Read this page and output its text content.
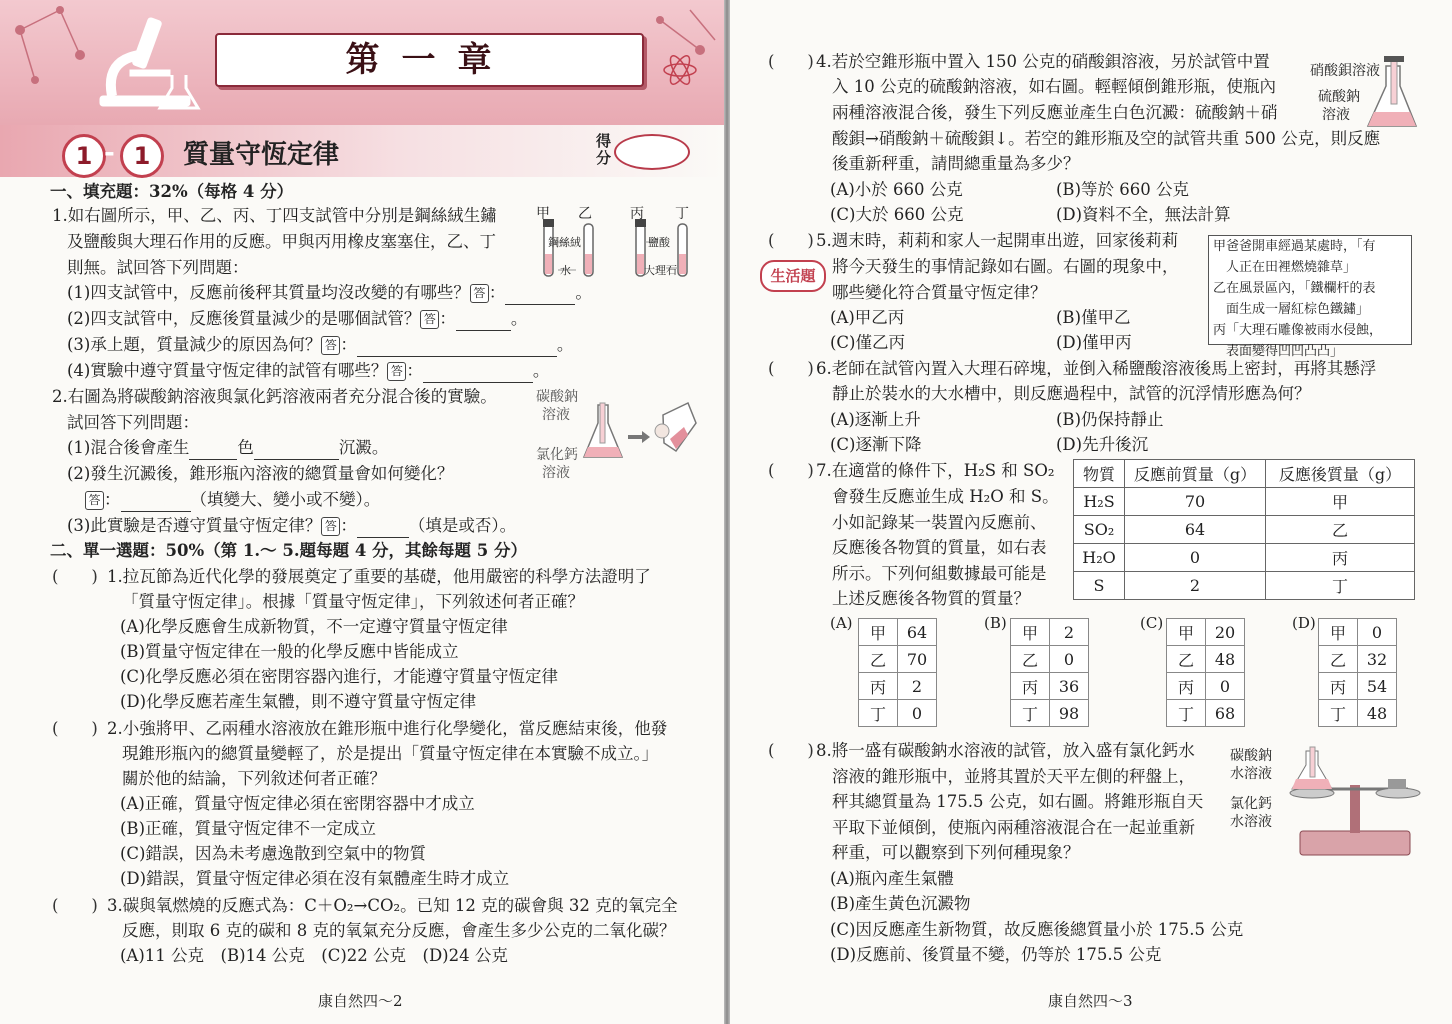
第一章
1 - 1	質量守恆定律	得分
一、填充題：32%（每格 4 分）
1.如右圖所示，甲、乙、丙、丁四支試管中分別是鋼絲絨生鏽
及鹽酸與大理石作用的反應。甲與丙用橡皮塞塞住，乙、丁
則無。試回答下列問題：
甲 乙	丙 丁
鋼絲絨	鹽酸
水	大理石
(1)四支試管中，反應前後秤其質量均沒改變的有哪些？ 答 ：	。
(2)四支試管中，反應後質量減少的是哪個試管？ 答 ：	。
(3)承上題，質量減少的原因為何？ 答 ：	。
(4)實驗中遵守質量守恆定律的試管有哪些？ 答 ：	。
2.右圖為將碳酸鈉溶液與氯化鈣溶液兩者充分混合後的實驗。
試回答下列問題：
(1)混合後會產生	色	沉澱。
(2)發生沉澱後，錐形瓶內溶液的總質量會如何變化？
答 ：	（填變大、變小或不變）。
(3)此實驗是否遵守質量守恆定律？ 答 ：	（填是或否）。
碳酸鈉
溶液
氯化鈣
溶液
二、單一選題：50%（第 1.～ 5.題每題 4 分，其餘每題 5 分）
(　　) 1.拉瓦節為近代化學的發展奠定了重要的基礎，他用嚴密的科學方法證明了
「質量守恆定律」。根據「質量守恆定律」，下列敘述何者正確？
(A)化學反應會生成新物質，不一定遵守質量守恆定律
(B)質量守恆定律在一般的化學反應中皆能成立
(C)化學反應必須在密閉容器內進行，才能遵守質量守恆定律
(D)化學反應若產生氣體，則不遵守質量守恆定律
(　　) 2.小強將甲、乙兩種水溶液放在錐形瓶中進行化學變化，當反應結束後，他發
現錐形瓶內的總質量變輕了，於是提出「質量守恆定律在本實驗不成立。」
關於他的結論，下列敘述何者正確？
(A)正確，質量守恆定律必須在密閉容器中才成立
(B)正確，質量守恆定律不一定成立
(C)錯誤，因為未考慮逸散到空氣中的物質
(D)錯誤，質量守恆定律必須在沒有氣體產生時才成立
(　　) 3.碳與氧燃燒的反應式為：C＋O₂→CO₂。已知 12 克的碳會與 32 克的氧完全
反應，則取 6 克的碳和 8 克的氧氣充分反應，會產生多少公克的二氧化碳？
(A)11 公克　(B)14 公克　(C)22 公克　(D)24 公克
康自然四～2
(　　) 4.若於空錐形瓶中置入 150 公克的硝酸鋇溶液，另於試管中置
入 10 公克的硫酸鈉溶液，如右圖。輕輕傾倒錐形瓶，使瓶內
兩種溶液混合後，發生下列反應並產生白色沉澱：硫酸鈉＋硝
酸鋇→硝酸鈉＋硫酸鋇↓。若空的錐形瓶及空的試管共重 500 公克，則反應
後重新秤重，請問總重量為多少？
(A)小於 660 公克	(B)等於 660 公克
(C)大於 660 公克	(D)資料不全，無法計算
硝酸鋇溶液
硫酸鈉
溶液
(　　) 5.週末時，莉莉和家人一起開車出遊，回家後莉莉
將今天發生的事情記錄如右圖。右圖的現象中，
哪些變化符合質量守恆定律？
(A)甲乙丙	(B)僅甲乙
(C)僅乙丙	(D)僅甲丙
生活題
甲爸爸開車經過某處時，「有
　人正在田裡燃燒雜草」
乙在風景區內，「鐵欄杆的表
　面生成一層紅棕色鐵鏽」
丙「大理石雕像被雨水侵蝕，
　表面變得凹凹凸凸」
(　　) 6.老師在試管內置入大理石碎塊，並倒入稀鹽酸溶液後馬上密封，再將其懸浮
靜止於裝水的大水槽中，則反應過程中，試管的沉浮情形應為何？
(A)逐漸上升	(B)仍保持靜止
(C)逐漸下降	(D)先升後沉
(　　) 7.在適當的條件下，H₂S 和 SO₂
會發生反應並生成 H₂O 和 S。
小如記錄某一裝置內反應前、
反應後各物質的質量，如右表
所示。下列何組數據最可能是
上述反應後各物質的質量？
物質	反應前質量（g）	反應後質量（g）
H₂S	70	甲
SO₂	64	乙
H₂O	0	丙
S	2	丁
(A)
甲	64
乙	70
丙	2
丁	0
(B)
甲	2
乙	0
丙	36
丁	98
(C)
甲	20
乙	48
丙	0
丁	68
(D)
甲	0
乙	32
丙	54
丁	48
(　　) 8.將一盛有碳酸鈉水溶液的試管，放入盛有氯化鈣水
溶液的錐形瓶中，並將其置於天平左側的秤盤上，
秤其總質量為 175.5 公克，如右圖。將錐形瓶自天
平取下並傾倒，使瓶內兩種溶液混合在一起並重新
秤重，可以觀察到下列何種現象？
(A)瓶內產生氣體
(B)產生黃色沉澱物
(C)因反應產生新物質，故反應後總質量小於 175.5 公克
(D)反應前、後質量不變，仍等於 175.5 公克
碳酸鈉
水溶液
氯化鈣
水溶液
康自然四～3
